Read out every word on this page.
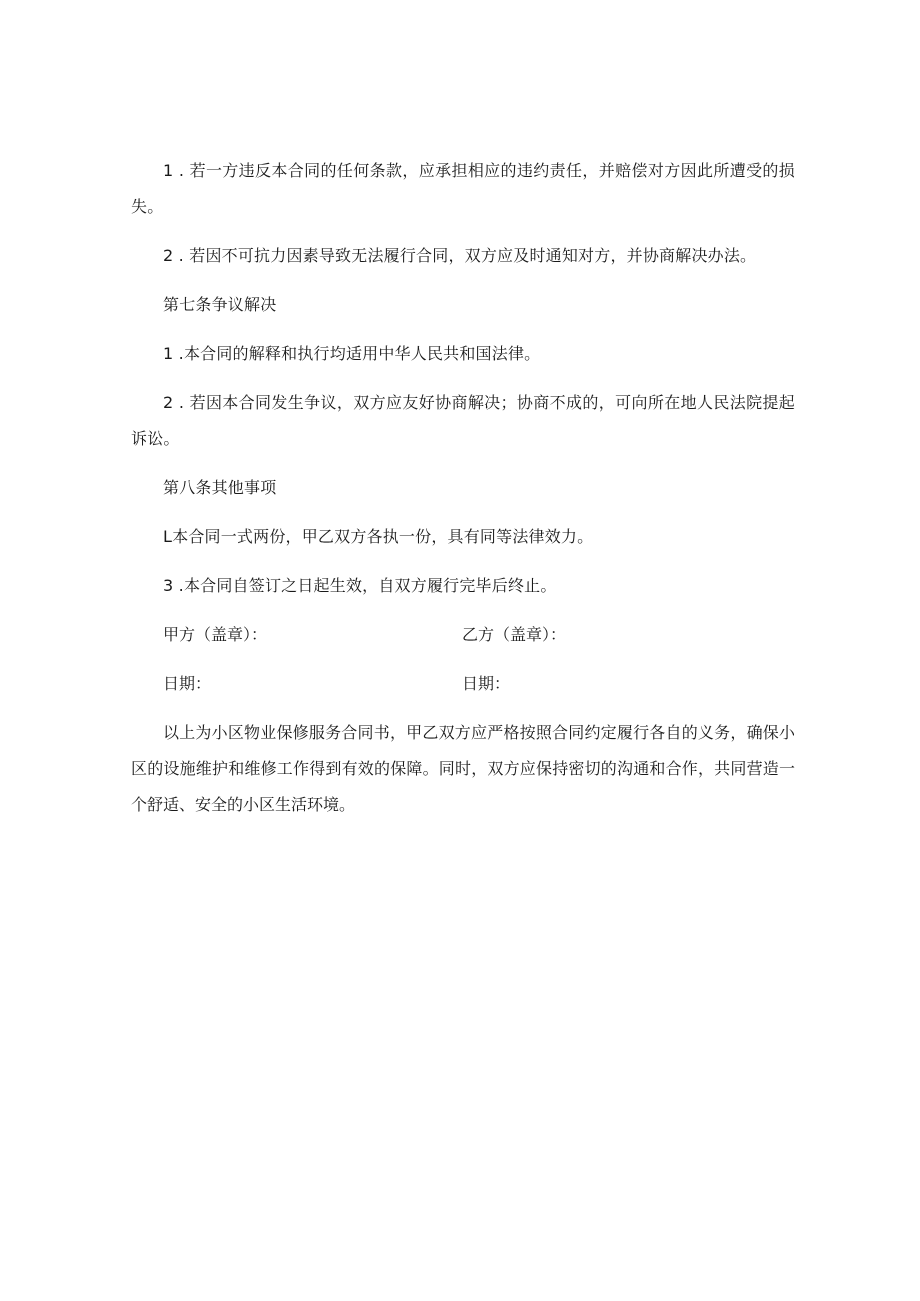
1 . 若一方违反本合同的任何条款，应承担相应的违约责任，并赔偿对方因此所遭受的损失。

2 . 若因不可抗力因素导致无法履行合同，双方应及时通知对方，并协商解决办法。

第七条争议解决

1 .本合同的解释和执行均适用中华人民共和国法律。

2 . 若因本合同发生争议，双方应友好协商解决；协商不成的，可向所在地人民法院提起诉讼。

第八条其他事项

L本合同一式两份，甲乙双方各执一份，具有同等法律效力。

3 .本合同自签订之日起生效，自双方履行完毕后终止。

甲方（盖章）：	乙方（盖章）：
日期：	日期：

以上为小区物业保修服务合同书，甲乙双方应严格按照合同约定履行各自的义务，确保小区的设施维护和维修工作得到有效的保障。同时，双方应保持密切的沟通和合作，共同营造一个舒适、安全的小区生活环境。
